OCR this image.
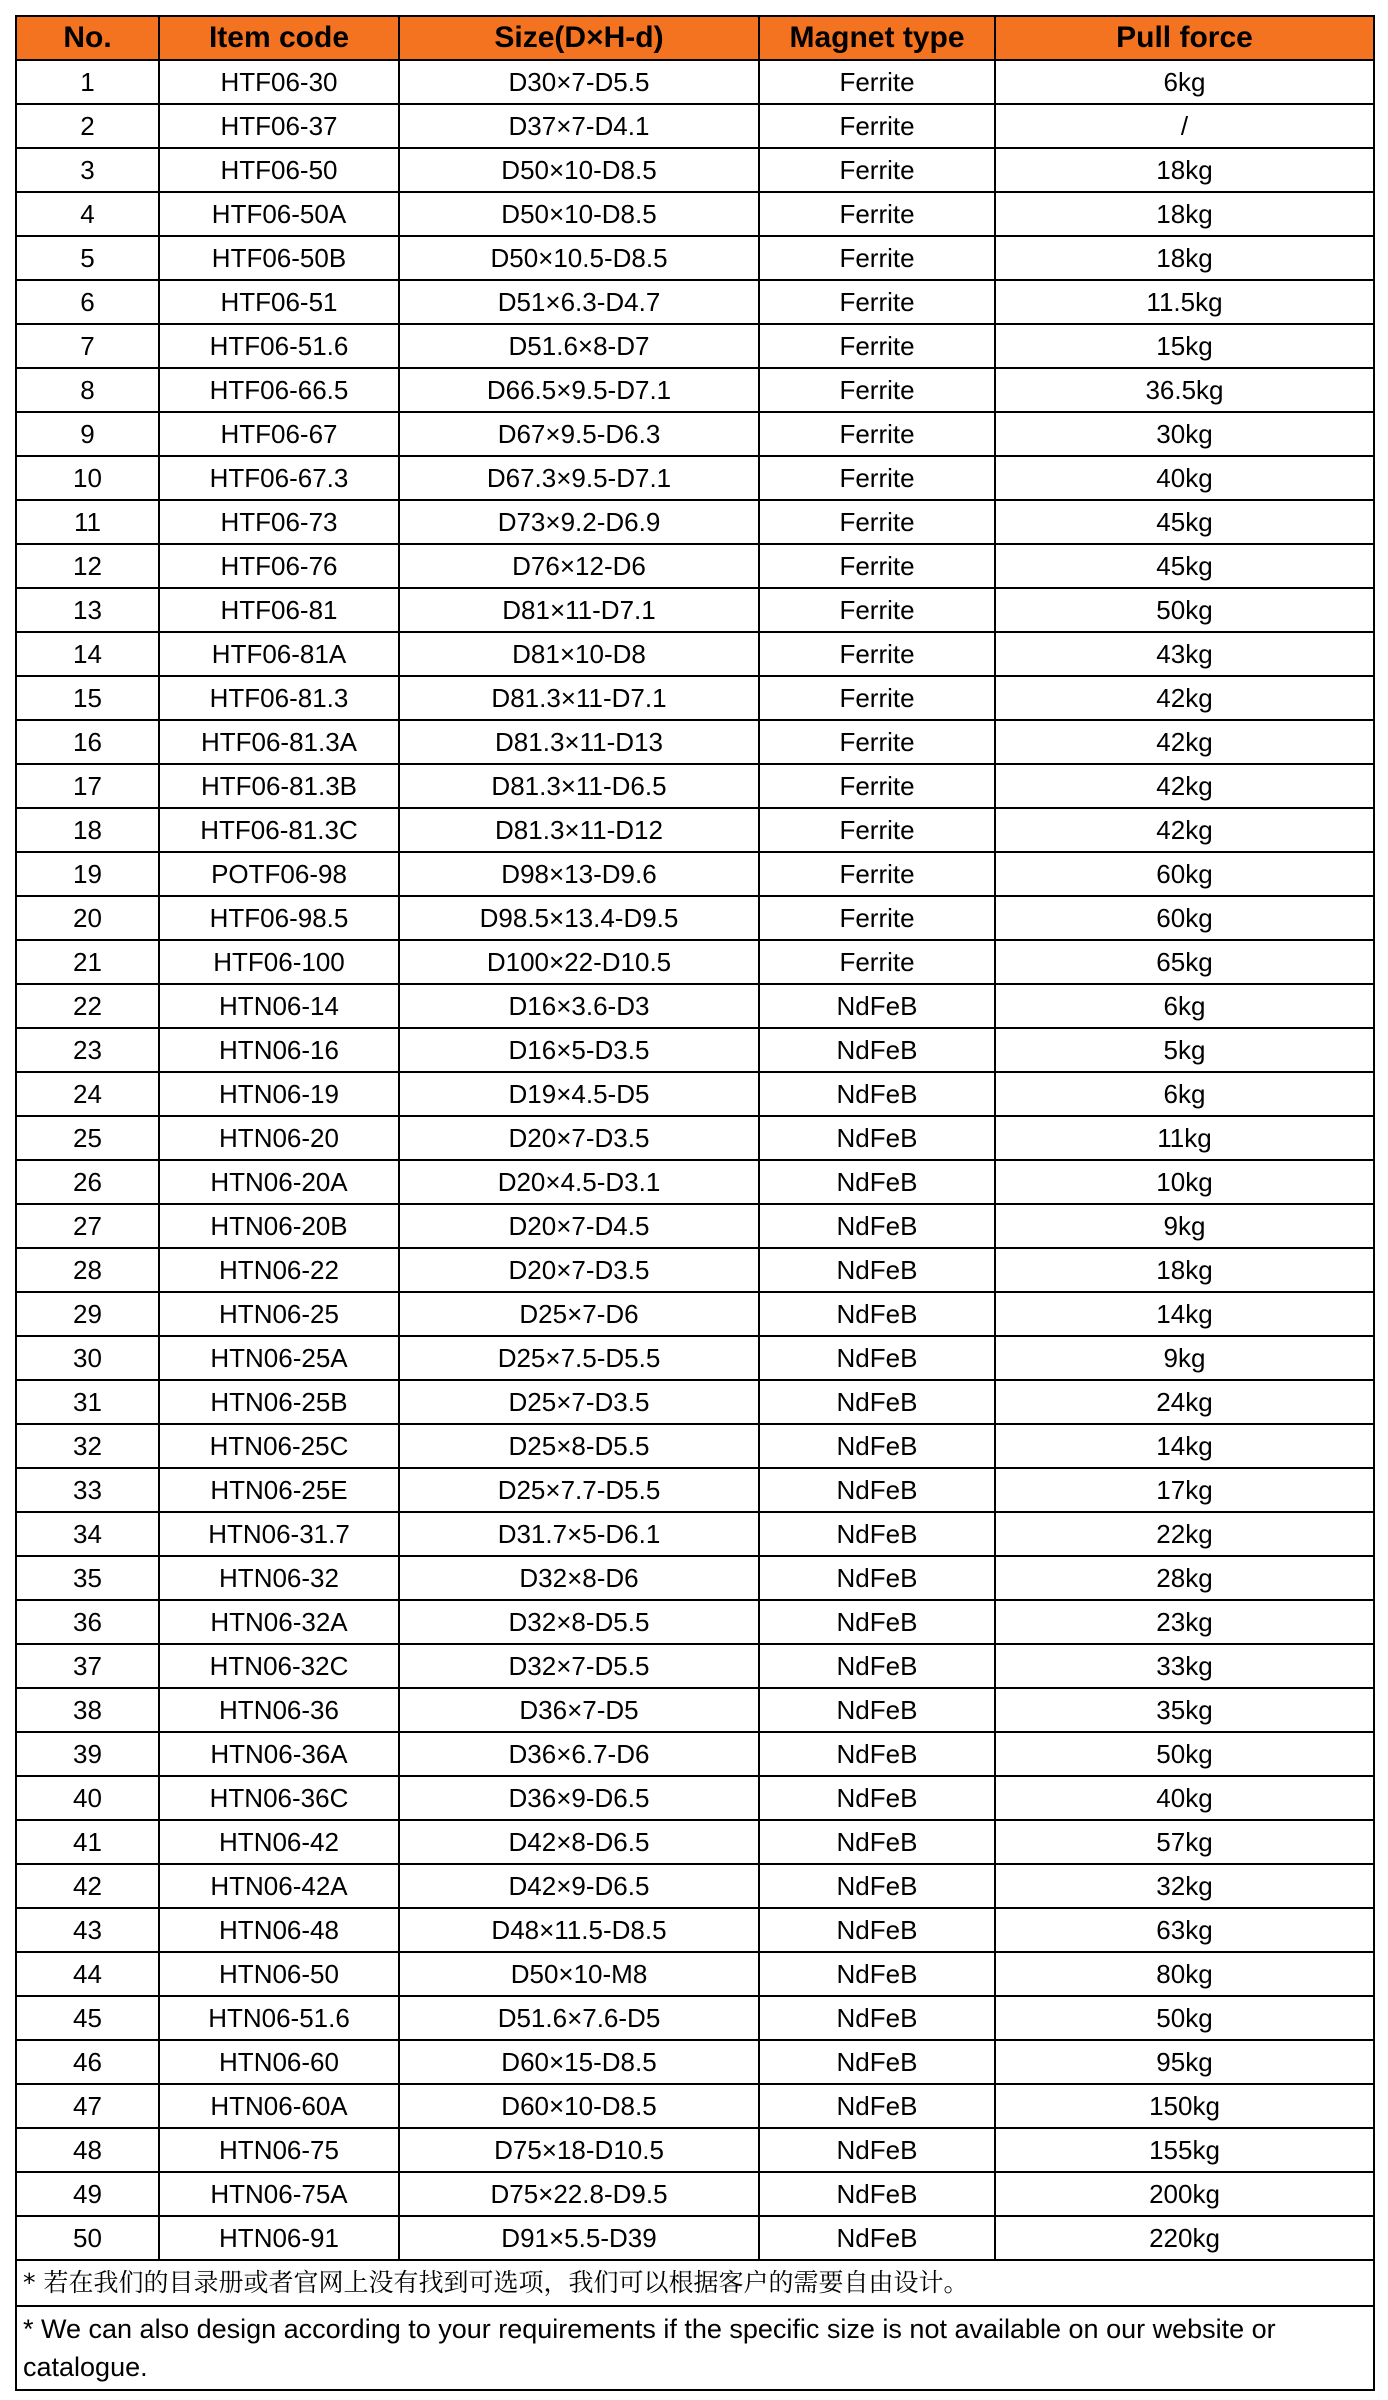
No.	Item code	Size(D×H-d)	Magnet type	Pull force
1	HTF06-30	D30×7-D5.5	Ferrite	6kg
2	HTF06-37	D37×7-D4.1	Ferrite	/
3	HTF06-50	D50×10-D8.5	Ferrite	18kg
4	HTF06-50A	D50×10-D8.5	Ferrite	18kg
5	HTF06-50B	D50×10.5-D8.5	Ferrite	18kg
6	HTF06-51	D51×6.3-D4.7	Ferrite	11.5kg
7	HTF06-51.6	D51.6×8-D7	Ferrite	15kg
8	HTF06-66.5	D66.5×9.5-D7.1	Ferrite	36.5kg
9	HTF06-67	D67×9.5-D6.3	Ferrite	30kg
10	HTF06-67.3	D67.3×9.5-D7.1	Ferrite	40kg
11	HTF06-73	D73×9.2-D6.9	Ferrite	45kg
12	HTF06-76	D76×12-D6	Ferrite	45kg
13	HTF06-81	D81×11-D7.1	Ferrite	50kg
14	HTF06-81A	D81×10-D8	Ferrite	43kg
15	HTF06-81.3	D81.3×11-D7.1	Ferrite	42kg
16	HTF06-81.3A	D81.3×11-D13	Ferrite	42kg
17	HTF06-81.3B	D81.3×11-D6.5	Ferrite	42kg
18	HTF06-81.3C	D81.3×11-D12	Ferrite	42kg
19	POTF06-98	D98×13-D9.6	Ferrite	60kg
20	HTF06-98.5	D98.5×13.4-D9.5	Ferrite	60kg
21	HTF06-100	D100×22-D10.5	Ferrite	65kg
22	HTN06-14	D16×3.6-D3	NdFeB	6kg
23	HTN06-16	D16×5-D3.5	NdFeB	5kg
24	HTN06-19	D19×4.5-D5	NdFeB	6kg
25	HTN06-20	D20×7-D3.5	NdFeB	11kg
26	HTN06-20A	D20×4.5-D3.1	NdFeB	10kg
27	HTN06-20B	D20×7-D4.5	NdFeB	9kg
28	HTN06-22	D20×7-D3.5	NdFeB	18kg
29	HTN06-25	D25×7-D6	NdFeB	14kg
30	HTN06-25A	D25×7.5-D5.5	NdFeB	9kg
31	HTN06-25B	D25×7-D3.5	NdFeB	24kg
32	HTN06-25C	D25×8-D5.5	NdFeB	14kg
33	HTN06-25E	D25×7.7-D5.5	NdFeB	17kg
34	HTN06-31.7	D31.7×5-D6.1	NdFeB	22kg
35	HTN06-32	D32×8-D6	NdFeB	28kg
36	HTN06-32A	D32×8-D5.5	NdFeB	23kg
37	HTN06-32C	D32×7-D5.5	NdFeB	33kg
38	HTN06-36	D36×7-D5	NdFeB	35kg
39	HTN06-36A	D36×6.7-D6	NdFeB	50kg
40	HTN06-36C	D36×9-D6.5	NdFeB	40kg
41	HTN06-42	D42×8-D6.5	NdFeB	57kg
42	HTN06-42A	D42×9-D6.5	NdFeB	32kg
43	HTN06-48	D48×11.5-D8.5	NdFeB	63kg
44	HTN06-50	D50×10-M8	NdFeB	80kg
45	HTN06-51.6	D51.6×7.6-D5	NdFeB	50kg
46	HTN06-60	D60×15-D8.5	NdFeB	95kg
47	HTN06-60A	D60×10-D8.5	NdFeB	150kg
48	HTN06-75	D75×18-D10.5	NdFeB	155kg
49	HTN06-75A	D75×22.8-D9.5	NdFeB	200kg
50	HTN06-91	D91×5.5-D39	NdFeB	220kg
* 若在我们的目录册或者官网上没有找到可选项，我们可以根据客户的需要自由设计。				
* We can also design according to your requirements if the specific size is not available on our website or catalogue.				
